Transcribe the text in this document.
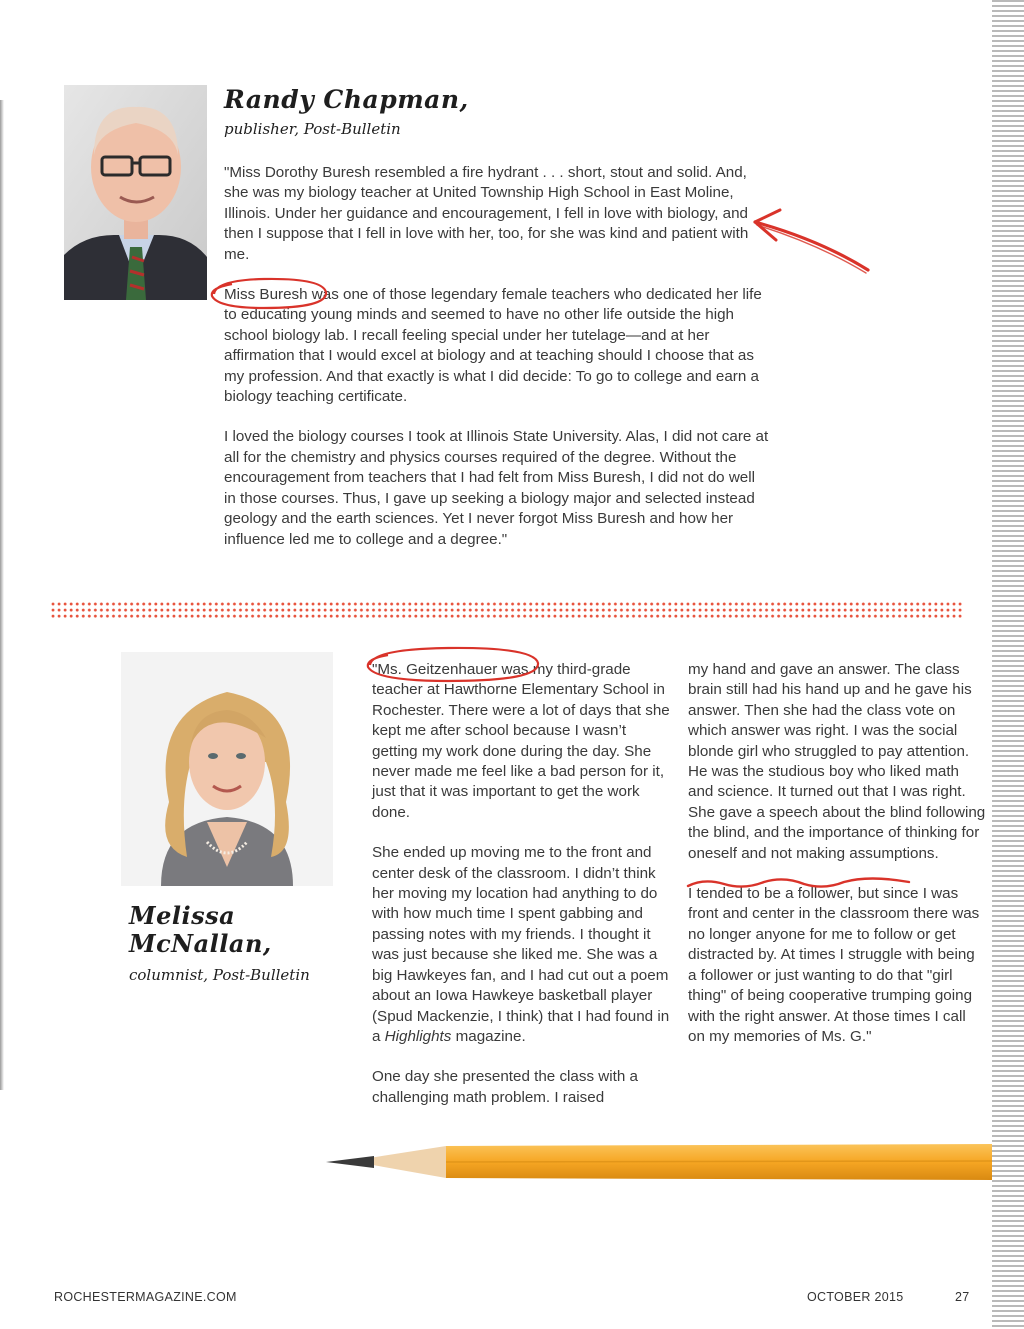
Randy Chapman,
publisher, Post-Bulletin

"Miss Dorothy Buresh resembled a fire hydrant . . . short, stout and solid. And, she was my biology teacher at United Township High School in East Moline, Illinois. Under her guidance and encouragement, I fell in love with biology, and then I suppose that I fell in love with her, too, for she was kind and patient with me.

Miss Buresh was one of those legendary female teachers who dedicated her life to educating young minds and seemed to have no other life outside the high school biology lab. I recall feeling special under her tutelage—and at her affirmation that I would excel at biology and at teaching should I choose that as my profession. And that exactly is what I did decide: To go to college and earn a biology teaching certificate.

I loved the biology courses I took at Illinois State University. Alas, I did not care at all for the chemistry and physics courses required of the degree. Without the encouragement from teachers that I had felt from Miss Buresh, I did not do well in those courses. Thus, I gave up seeking a biology major and selected instead geology and the earth sciences. Yet I never forgot Miss Buresh and how her influence led me to college and a degree."

Melissa
McNallan,
columnist, Post-Bulletin

"Ms. Geitzenhauer was my third-grade teacher at Hawthorne Elementary School in Rochester. There were a lot of days that she kept me after school because I wasn’t getting my work done during the day. She never made me feel like a bad person for it, just that it was important to get the work done.

She ended up moving me to the front and center desk of the classroom. I didn’t think her moving my location had anything to do with how much time I spent gabbing and passing notes with my friends. I thought it was just because she liked me. She was a big Hawkeyes fan, and I had cut out a poem about an Iowa Hawkeye basketball player (Spud Mackenzie, I think) that I had found in a Highlights magazine.

One day she presented the class with a challenging math problem. I raised

my hand and gave an answer. The class brain still had his hand up and he gave his answer. Then she had the class vote on which answer was right. I was the social blonde girl who struggled to pay attention. He was the studious boy who liked math and science. It turned out that I was right. She gave a speech about the blind following the blind, and the importance of thinking for oneself and not making assumptions.

I tended to be a follower, but since I was front and center in the classroom there was no longer anyone for me to follow or get distracted by. At times I struggle with being a follower or just wanting to do that "girl thing" of being cooperative trumping going with the right answer. At those times I call on my memories of Ms. G."

ROCHESTERMAGAZINE.COM	OCTOBER 2015	27
